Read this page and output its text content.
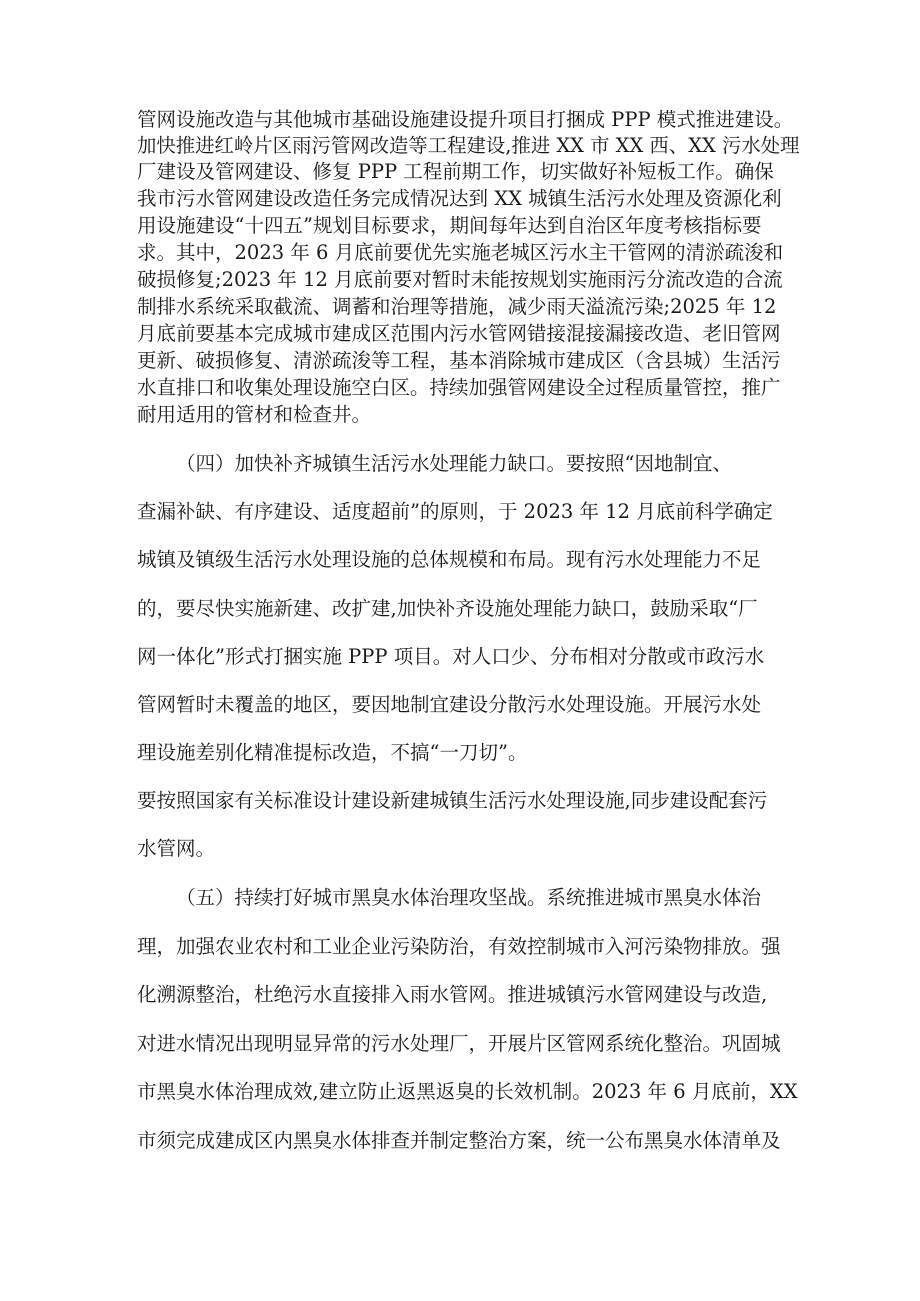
管网设施改造与其他城市基础设施建设提升项目打捆成 PPP 模式推进建设。
加快推进红岭片区雨污管网改造等工程建设,推进 XX 市 XX 西、XX 污水处理
厂建设及管网建设、修复 PPP 工程前期工作，切实做好补短板工作。确保
我市污水管网建设改造任务完成情况达到 XX 城镇生活污水处理及资源化利
用设施建设“十四五”规划目标要求，期间每年达到自治区年度考核指标要
求。其中，2023 年 6 月底前要优先实施老城区污水主干管网的清淤疏浚和
破损修复;2023 年 12 月底前要对暂时未能按规划实施雨污分流改造的合流
制排水系统采取截流、调蓄和治理等措施，减少雨天溢流污染;2025 年 12
月底前要基本完成城市建成区范围内污水管网错接混接漏接改造、老旧管网
更新、破损修复、清淤疏浚等工程，基本消除城市建成区（含县城）生活污
水直排口和收集处理设施空白区。持续加强管网建设全过程质量管控，推广
耐用适用的管材和检查井。
（四）加快补齐城镇生活污水处理能力缺口。要按照“因地制宜、
查漏补缺、有序建设、适度超前”的原则，于 2023 年 12 月底前科学确定
城镇及镇级生活污水处理设施的总体规模和布局。现有污水处理能力不足
的，要尽快实施新建、改扩建,加快补齐设施处理能力缺口，鼓励采取“厂
网一体化”形式打捆实施 PPP 项目。对人口少、分布相对分散或市政污水
管网暂时未覆盖的地区，要因地制宜建设分散污水处理设施。开展污水处
理设施差别化精准提标改造，不搞“一刀切”。
要按照国家有关标准设计建设新建城镇生活污水处理设施,同步建设配套污
水管网。
（五）持续打好城市黑臭水体治理攻坚战。系统推进城市黑臭水体治
理，加强农业农村和工业企业污染防治，有效控制城市入河污染物排放。强
化溯源整治，杜绝污水直接排入雨水管网。推进城镇污水管网建设与改造,
对进水情况出现明显异常的污水处理厂，开展片区管网系统化整治。巩固城
市黑臭水体治理成效,建立防止返黑返臭的长效机制。2023 年 6 月底前，XX
市须完成建成区内黑臭水体排查并制定整治方案，统一公布黑臭水体清单及
